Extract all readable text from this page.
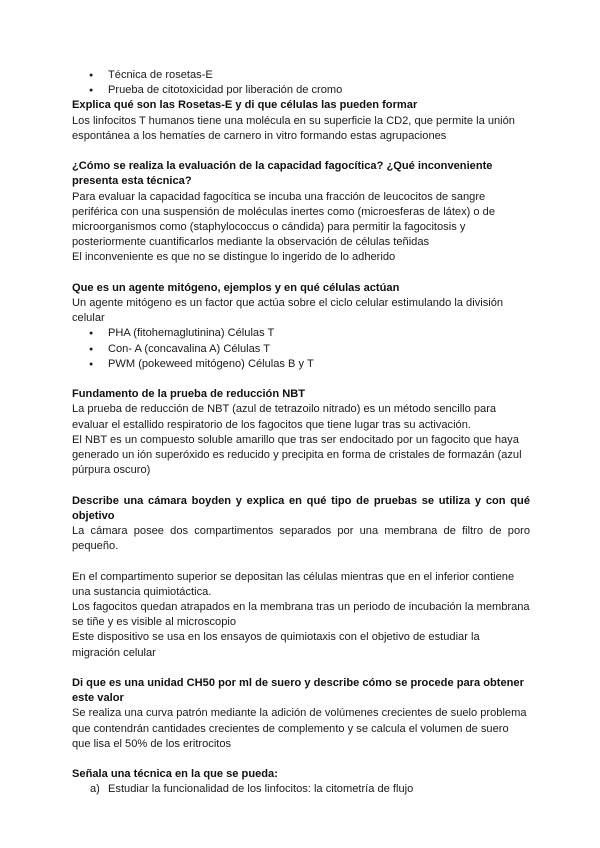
● Técnica de rosetas-E
● Prueba de citotoxicidad por liberación de cromo
Explica qué son las Rosetas-E y di que células las pueden formar

Los linfocitos T humanos tiene una molécula en su superficie la CD2, que permite la unión espontánea a los hematíes de carnero in vitro formando estas agrupaciones

¿Cómo se realiza la evaluación de la capacidad fagocítica? ¿Qué inconveniente presenta esta técnica?

Para evaluar la capacidad fagocítica se incuba una fracción de leucocitos de sangre periférica con una suspensión de moléculas inertes como (microesferas de látex) o de microorganismos como (staphylococcus o cándida) para permitir la fagocitosis y posteriormente cuantificarlos mediante la observación de células teñidas

El inconveniente es que no se distingue lo ingerido de lo adherido

Que es un agente mitógeno, ejemplos y en qué células actúan

Un agente mitógeno es un factor que actúa sobre el ciclo celular estimulando la división celular

● PHA (fitohemaglutinina) Células T
● Con- A (concavalina A) Células T
● PWM (pokeweed mitógeno) Células B y T
Fundamento de la prueba de reducción NBT

La prueba de reducción de NBT (azul de tetrazoilo nitrado) es un método sencillo para evaluar el estallido respiratorio de los fagocitos que tiene lugar tras su activación.

El NBT es un compuesto soluble amarillo que tras ser endocitado por un fagocito que haya generado un ión superóxido es reducido y precipita en forma de cristales de formazán (azul púrpura oscuro)

Describe una cámara boyden y explica en qué tipo de pruebas se utiliza y con qué objetivo

La cámara posee dos compartimentos separados por una membrana de filtro de poro pequeño.

En el compartimento superior se depositan las células mientras que en el inferior contiene una sustancia quimiotáctica.

Los fagocitos quedan atrapados en la membrana tras un periodo de incubación la membrana se tiñe y es visible al microscopio

Este dispositivo se usa en los ensayos de quimiotaxis con el objetivo de estudiar la migración celular

Di que es una unidad CH50 por ml de suero y describe cómo se procede para obtener este valor

Se realiza una curva patrón mediante la adición de volúmenes crecientes de suelo problema que contendrán cantidades crecientes de complemento y se calcula el volumen de suero que lisa el 50% de los eritrocitos

Señala una técnica en la que se pueda:
a) Estudiar la funcionalidad de los linfocitos: la citometría de flujo
